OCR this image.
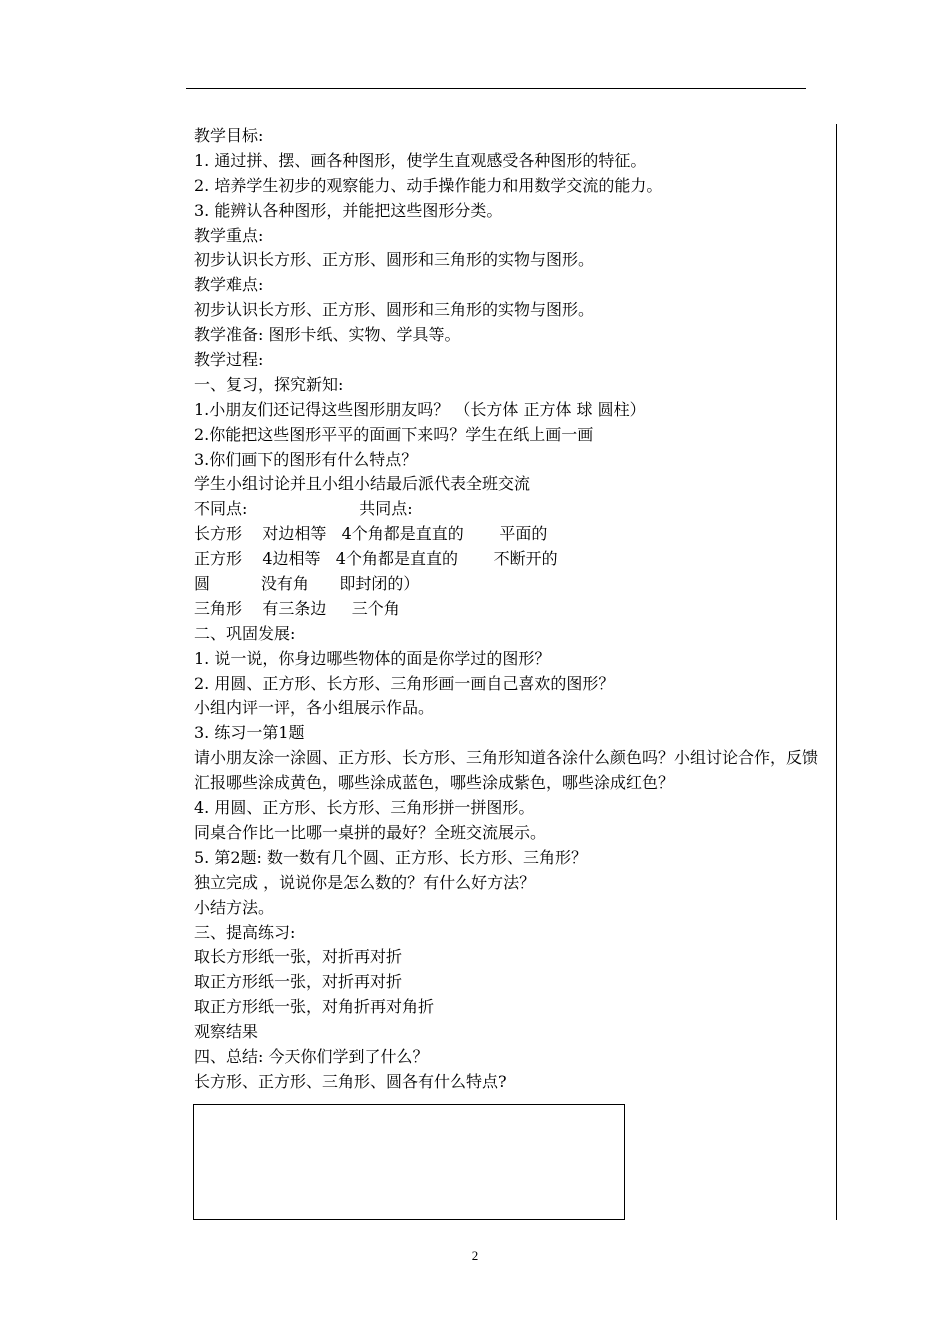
教学目标:
1. 通过拼、摆、画各种图形，使学生直观感受各种图形的特征。
2. 培养学生初步的观察能力、动手操作能力和用数学交流的能力。
3. 能辨认各种图形，并能把这些图形分类。
教学重点:
初步认识长方形、正方形、圆形和三角形的实物与图形。
教学难点:
初步认识长方形、正方形、圆形和三角形的实物与图形。
教学准备: 图形卡纸、实物、学具等。
教学过程:
一、复习，探究新知:
1.小朋友们还记得这些图形朋友吗？ （长方体 正方体 球 圆柱）
2.你能把这些图形平平的面画下来吗？学生在纸上画一画
3.你们画下的图形有什么特点？
学生小组讨论并且小组小结最后派代表全班交流
不同点:                      共同点:
长方形    对边相等   4个角都是直直的       平面的
正方形    4边相等   4个角都是直直的       不断开的
圆          没有角      即封闭的）
三角形    有三条边     三个角
二、巩固发展:
1. 说一说，你身边哪些物体的面是你学过的图形？
2. 用圆、正方形、长方形、三角形画一画自己喜欢的图形？
小组内评一评，各小组展示作品。
3. 练习一第1题
请小朋友涂一涂圆、正方形、长方形、三角形知道各涂什么颜色吗？小组讨论合作，反馈汇报哪些涂成黄色，哪些涂成蓝色，哪些涂成紫色，哪些涂成红色？
4. 用圆、正方形、长方形、三角形拼一拼图形。
同桌合作比一比哪一桌拼的最好？全班交流展示。
5. 第2题: 数一数有几个圆、正方形、长方形、三角形？
独立完成 ，说说你是怎么数的？有什么好方法？
小结方法。
三、提高练习:
取长方形纸一张，对折再对折
取正方形纸一张，对折再对折
取正方形纸一张，对角折再对角折
观察结果
四、总结: 今天你们学到了什么？
长方形、正方形、三角形、圆各有什么特点?
2
